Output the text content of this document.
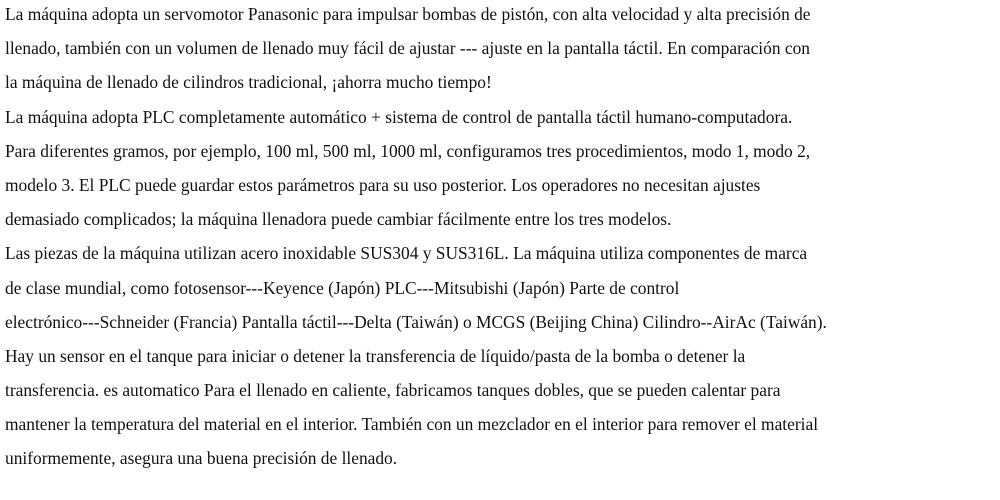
La máquina adopta un servomotor Panasonic para impulsar bombas de pistón, con alta velocidad y alta precisión de
llenado, también con un volumen de llenado muy fácil de ajustar --- ajuste en la pantalla táctil. En comparación con
la máquina de llenado de cilindros tradicional, ¡ahorra mucho tiempo!
La máquina adopta PLC completamente automático + sistema de control de pantalla táctil humano-computadora.
Para diferentes gramos, por ejemplo, 100 ml, 500 ml, 1000 ml, configuramos tres procedimientos, modo 1, modo 2,
modelo 3. El PLC puede guardar estos parámetros para su uso posterior. Los operadores no necesitan ajustes
demasiado complicados; la máquina llenadora puede cambiar fácilmente entre los tres modelos.
Las piezas de la máquina utilizan acero inoxidable SUS304 y SUS316L. La máquina utiliza componentes de marca
de clase mundial, como fotosensor---Keyence (Japón) PLC---Mitsubishi (Japón) Parte de control
electrónico---Schneider (Francia) Pantalla táctil---Delta (Taiwán) o MCGS (Beijing China) Cilindro--AirAc (Taiwán).
Hay un sensor en el tanque para iniciar o detener la transferencia de líquido/pasta de la bomba o detener la
transferencia. es automatico Para el llenado en caliente, fabricamos tanques dobles, que se pueden calentar para
mantener la temperatura del material en el interior. También con un mezclador en el interior para remover el material
uniformemente, asegura una buena precisión de llenado.
